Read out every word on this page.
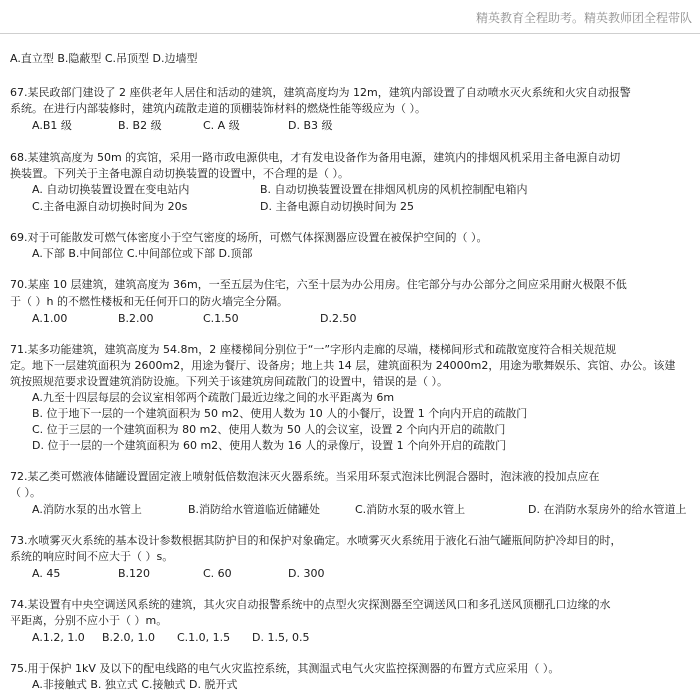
精英教育全程助考。精英教师团全程带队
A.直立型 B.隐蔽型 C.吊顶型 D.边墙型
67.某民政部门建设了 2 座供老年人居住和活动的建筑，建筑高度均为 12m，建筑内部设置了自动喷水灭火系统和火灾自动报警
系统。在进行内部装修时，建筑内疏散走道的顶棚装饰材料的燃烧性能等级应为（ ）。
A.B1 级	B. B2 级	C. A 级	D. B3 级
68.某建筑高度为 50m 的宾馆，采用一路市政电源供电，才有发电设备作为备用电源，建筑内的排烟风机采用主备电源自动切
换装置。下列关于主备电源自动切换装置的设置中，不合理的是（ ）。
A. 自动切换装置设置在变电站内	B. 自动切换装置设置在排烟风机房的风机控制配电箱内
C.主备电源自动切换时间为 20s	D. 主备电源自动切换时间为 25
69.对于可能散发可燃气体密度小于空气密度的场所，可燃气体探测器应设置在被保护空间的（ ）。
A.下部 B.中间部位 C.中间部位或下部 D.顶部
70.某座 10 层建筑，建筑高度为 36m，一至五层为住宅，六至十层为办公用房。住宅部分与办公部分之间应采用耐火极限不低
于（ ）h 的不燃性楼板和无任何开口的防火墙完全分隔。
A.1.00	B.2.00	C.1.50	D.2.50
71.某多功能建筑，建筑高度为 54.8m，2 座楼梯间分别位于“一”字形内走廊的尽端，楼梯间形式和疏散宽度符合相关规范规
定。地下一层建筑面积为 2600m2，用途为餐厅、设备房；地上共 14 层，建筑面积为 24000m2，用途为歌舞娱乐、宾馆、办公。该建
筑按照规范要求设置建筑消防设施。下列关于该建筑房间疏散门的设置中，错误的是（ ）。
A.九至十四层每层的会议室相邻两个疏散门最近边缘之间的水平距离为 6m
B. 位于地下一层的一个建筑面积为 50 m2、使用人数为 10 人的小餐厅，设置 1 个向内开启的疏散门
C. 位于三层的一个建筑面积为 80 m2、使用人数为 50 人的会议室，设置 2 个向内开启的疏散门
D. 位于一层的一个建筑面积为 60 m2、使用人数为 16 人的录像厅，设置 1 个向外开启的疏散门
72.某乙类可燃液体储罐设置固定液上喷射低倍数泡沫灭火器系统。当采用环泵式泡沫比例混合器时，泡沫液的投加点应在
（ ）。
A.消防水泵的出水管上	B.消防给水管道临近储罐处	C.消防水泵的吸水管上	D. 在消防水泵房外的给水管道上
73.水喷雾灭火系统的基本设计参数根据其防护目的和保护对象确定。水喷雾灭火系统用于液化石油气罐瓶间防护冷却目的时，
系统的响应时间不应大于（ ）s。
A. 45	B.120	C. 60	D. 300
74.某设置有中央空调送风系统的建筑，其火灾自动报警系统中的点型火灾探测器至空调送风口和多孔送风顶棚孔口边缘的水
平距离，分别不应小于（ ）m。
A.1.2, 1.0 B.2.0, 1.0 C.1.0, 1.5 D. 1.5, 0.5
75.用于保护 1kV 及以下的配电线路的电气火灾监控系统，其测温式电气火灾监控探测器的布置方式应采用（ ）。
A.非接触式 B. 独立式 C.接触式 D. 脱开式
